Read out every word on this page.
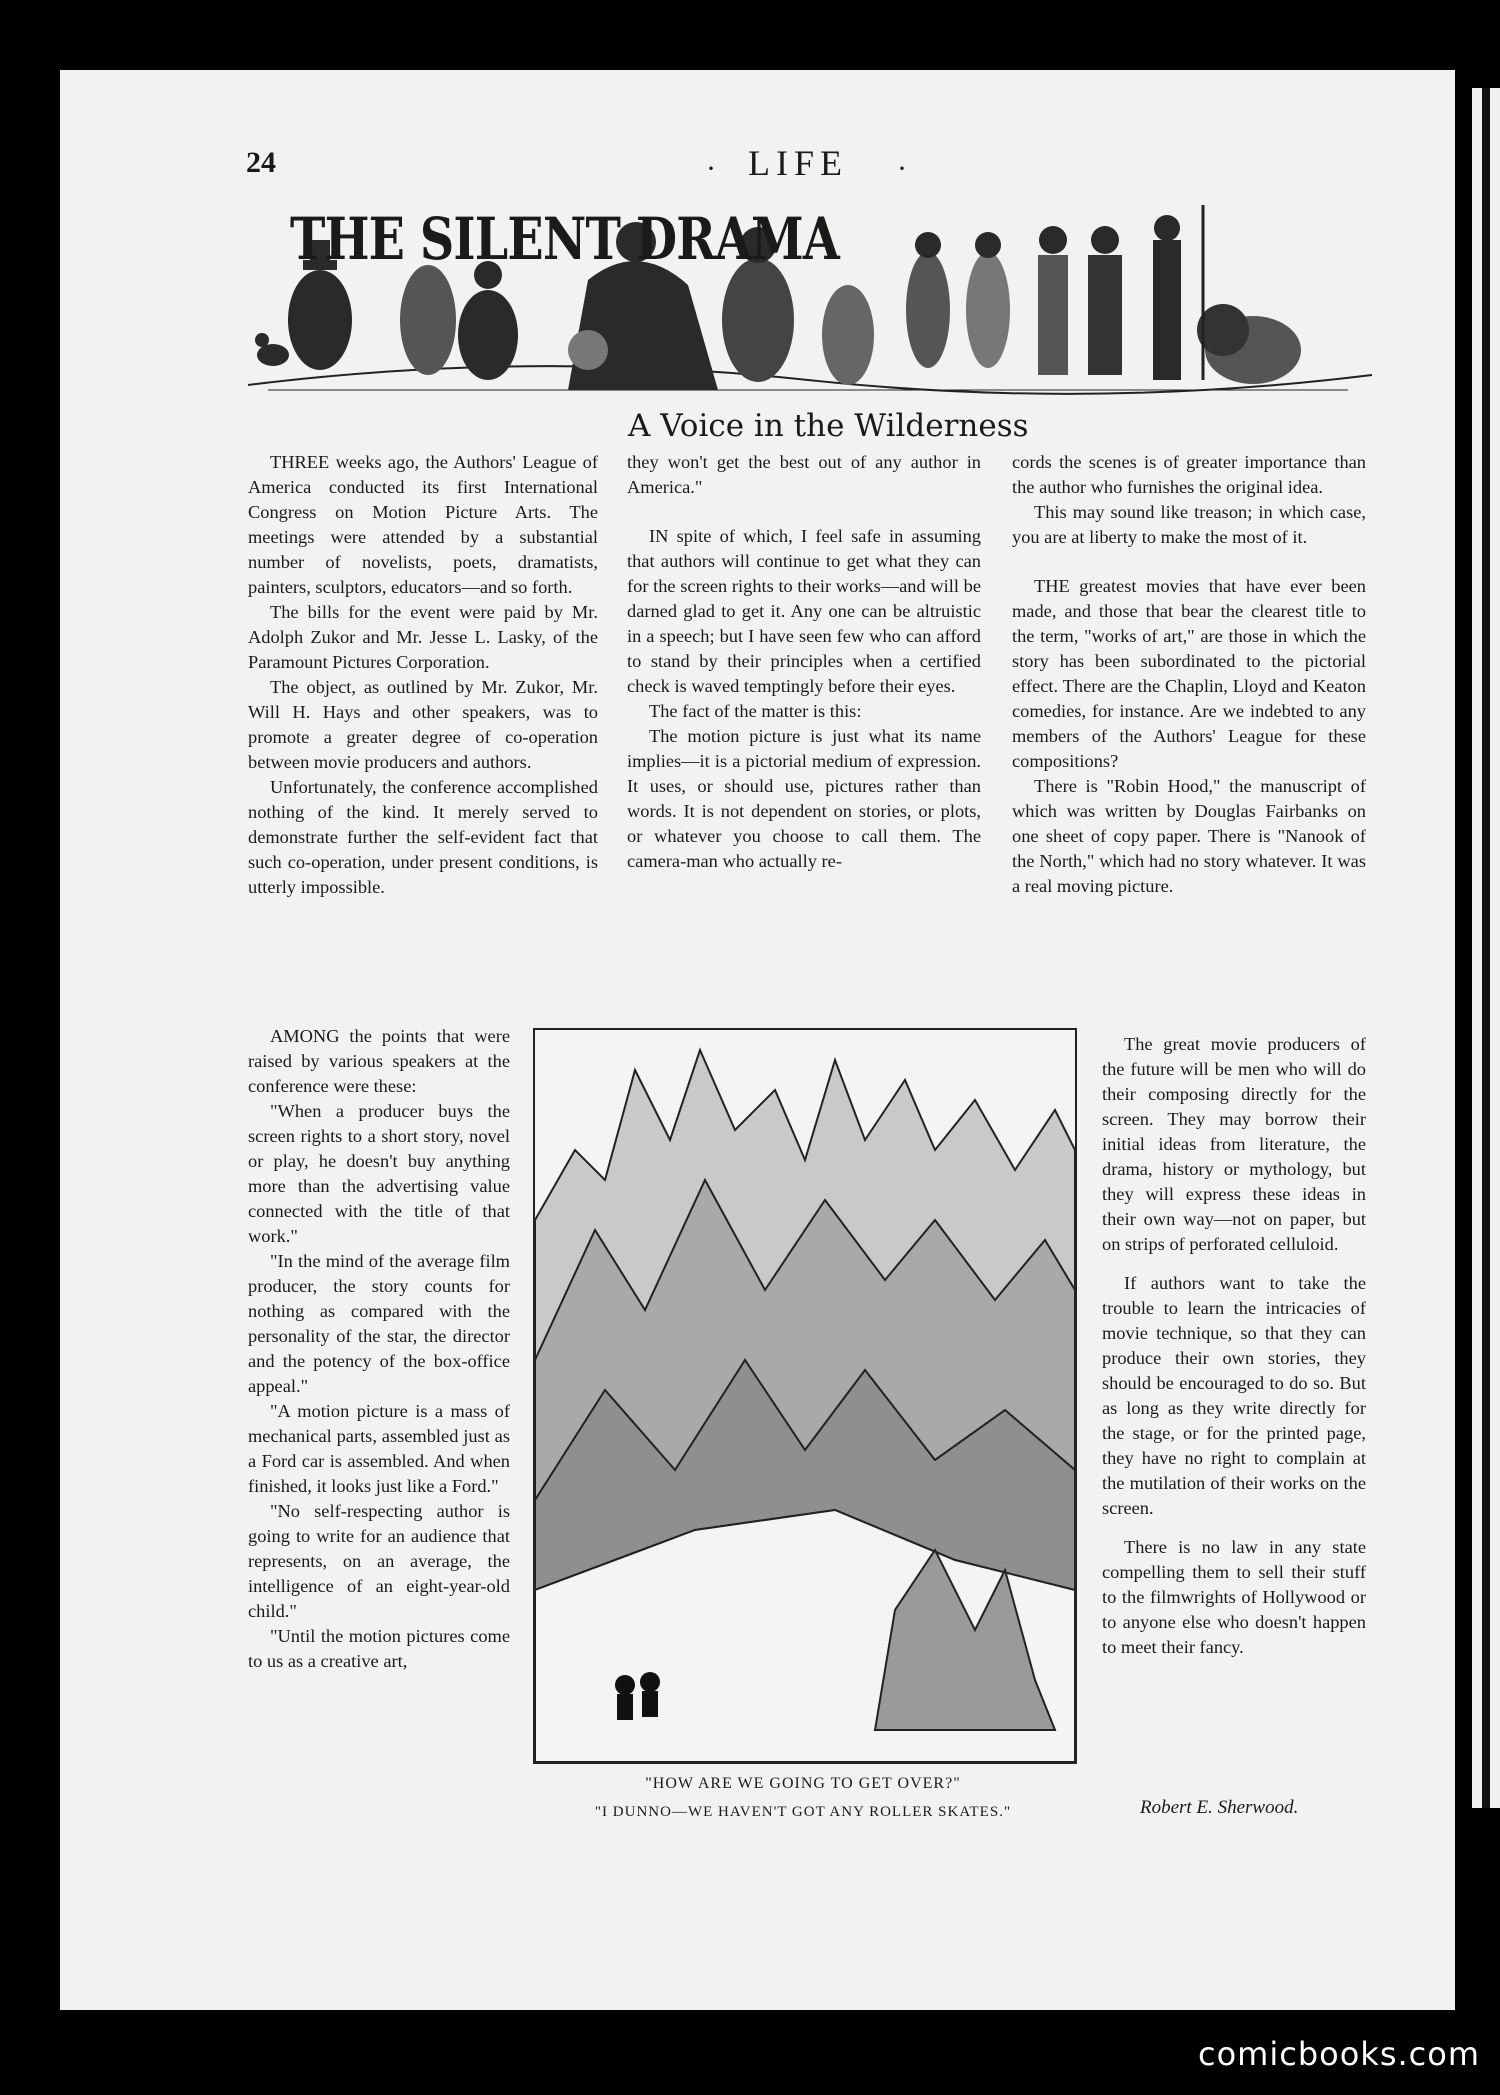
24	· LIFE ·
THE SILENT DRAMA
A Voice in the Wilderness

THREE weeks ago, the Authors' League of America conducted its first International Congress on Motion Picture Arts. The meetings were attended by a substantial number of novelists, poets, dramatists, painters, sculptors, educators—and so forth.

The bills for the event were paid by Mr. Adolph Zukor and Mr. Jesse L. Lasky, of the Paramount Pictures Corporation.

The object, as outlined by Mr. Zukor, Mr. Will H. Hays and other speakers, was to promote a greater degree of co-operation between movie producers and authors.

Unfortunately, the conference accomplished nothing of the kind. It merely served to demonstrate further the self-evident fact that such co-operation, under present conditions, is utterly impossible.

AMONG the points that were raised by various speakers at the conference were these:

"When a producer buys the screen rights to a short story, novel or play, he doesn't buy anything more than the advertising value connected with the title of that work."

"In the mind of the average film producer, the story counts for nothing as compared with the personality of the star, the director and the potency of the box-office appeal."

"A motion picture is a mass of mechanical parts, assembled just as a Ford car is assembled. And when finished, it looks just like a Ford."

"No self-respecting author is going to write for an audience that represents, on an average, the intelligence of an eight-year-old child."

"Until the motion pictures come to us as a creative art,

they won't get the best out of any author in America."

IN spite of which, I feel safe in assuming that authors will continue to get what they can for the screen rights to their works—and will be darned glad to get it. Any one can be altruistic in a speech; but I have seen few who can afford to stand by their principles when a certified check is waved temptingly before their eyes.

The fact of the matter is this:

The motion picture is just what its name implies—it is a pictorial medium of expression. It uses, or should use, pictures rather than words. It is not dependent on stories, or plots, or whatever you choose to call them. The camera-man who actually re-

cords the scenes is of greater importance than the author who furnishes the original idea.

This may sound like treason; in which case, you are at liberty to make the most of it.

THE greatest movies that have ever been made, and those that bear the clearest title to the term, "works of art," are those in which the story has been subordinated to the pictorial effect. There are the Chaplin, Lloyd and Keaton comedies, for instance. Are we indebted to any members of the Authors' League for these compositions?

There is "Robin Hood," the manuscript of which was written by Douglas Fairbanks on one sheet of copy paper. There is "Nanook of the North," which had no story whatever. It was a real moving picture.

The great movie producers of the future will be men who will do their composing directly for the screen. They may borrow their initial ideas from literature, the drama, history or mythology, but they will express these ideas in their own way—not on paper, but on strips of perforated celluloid.

If authors want to take the trouble to learn the intricacies of movie technique, so that they can produce their own stories, they should be encouraged to do so. But as long as they write directly for the stage, or for the printed page, they have no right to complain at the mutilation of their works on the screen.

There is no law in any state compelling them to sell their stuff to the filmwrights of Hollywood or to anyone else who doesn't happen to meet their fancy.

"HOW ARE WE GOING TO GET OVER?"
"I DUNNO—WE HAVEN'T GOT ANY ROLLER SKATES."	Robert E. Sherwood.
comicbooks.com
